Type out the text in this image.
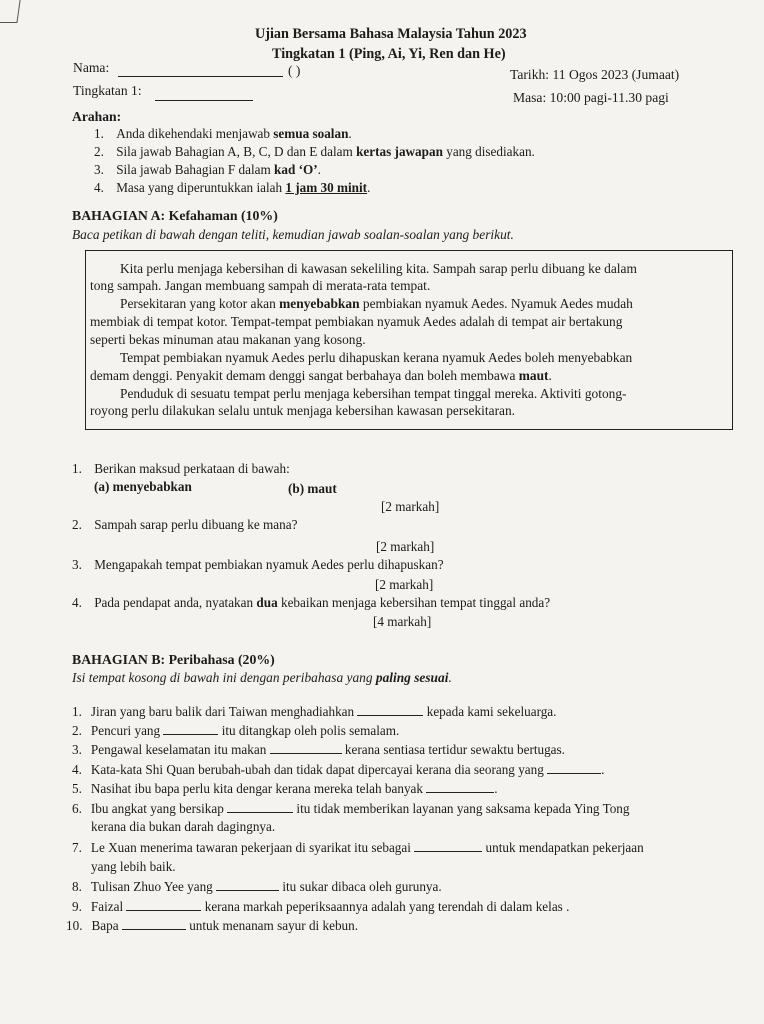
Ujian Bersama Bahasa Malaysia Tahun 2023
Tingkatan 1 (Ping, Ai, Yi, Ren dan He)
Nama:	( )	Tarikh: 11 Ogos 2023 (Jumaat)
Tingkatan 1:	Masa: 10:00 pagi-11.30 pagi
Arahan:
1. Anda dikehendaki menjawab semua soalan.
2. Sila jawab Bahagian A, B, C, D dan E dalam kertas jawapan yang disediakan.
3. Sila jawab Bahagian F dalam kad ‘O’.
4. Masa yang diperuntukkan ialah 1 jam 30 minit.
BAHAGIAN A: Kefahaman (10%)
Baca petikan di bawah dengan teliti, kemudian jawab soalan-soalan yang berikut.
Kita perlu menjaga kebersihan di kawasan sekeliling kita. Sampah sarap perlu dibuang ke dalam
tong sampah. Jangan membuang sampah di merata-rata tempat.
Persekitaran yang kotor akan menyebabkan pembiakan nyamuk Aedes. Nyamuk Aedes mudah
membiak di tempat kotor. Tempat-tempat pembiakan nyamuk Aedes adalah di tempat air bertakung
seperti bekas minuman atau makanan yang kosong.
Tempat pembiakan nyamuk Aedes perlu dihapuskan kerana nyamuk Aedes boleh menyebabkan
demam denggi. Penyakit demam denggi sangat berbahaya dan boleh membawa maut.
Penduduk di sesuatu tempat perlu menjaga kebersihan tempat tinggal mereka. Aktiviti gotong-
royong perlu dilakukan selalu untuk menjaga kebersihan kawasan persekitaran.
1. Berikan maksud perkataan di bawah:
(a) menyebabkan	(b) maut
[2 markah]
2. Sampah sarap perlu dibuang ke mana?
[2 markah]
3. Mengapakah tempat pembiakan nyamuk Aedes perlu dihapuskan?
[2 markah]
4. Pada pendapat anda, nyatakan dua kebaikan menjaga kebersihan tempat tinggal anda?
[4 markah]
BAHAGIAN B: Peribahasa (20%)
Isi tempat kosong di bawah ini dengan peribahasa yang paling sesuai.
1. Jiran yang baru balik dari Taiwan menghadiahkan	kepada kami sekeluarga.
2. Pencuri yang	itu ditangkap oleh polis semalam.
3. Pengawal keselamatan itu makan	kerana sentiasa tertidur sewaktu bertugas.
4. Kata-kata Shi Quan berubah-ubah dan tidak dapat dipercayai kerana dia seorang yang	.
5. Nasihat ibu bapa perlu kita dengar kerana mereka telah banyak	.
6. Ibu angkat yang bersikap	itu tidak memberikan layanan yang saksama kepada Ying Tong
kerana dia bukan darah dagingnya.
7. Le Xuan menerima tawaran pekerjaan di syarikat itu sebagai	untuk mendapatkan pekerjaan
yang lebih baik.
8. Tulisan Zhuo Yee yang	itu sukar dibaca oleh gurunya.
9. Faizal	kerana markah peperiksaannya adalah yang terendah di dalam kelas .
10. Bapa	untuk menanam sayur di kebun.
